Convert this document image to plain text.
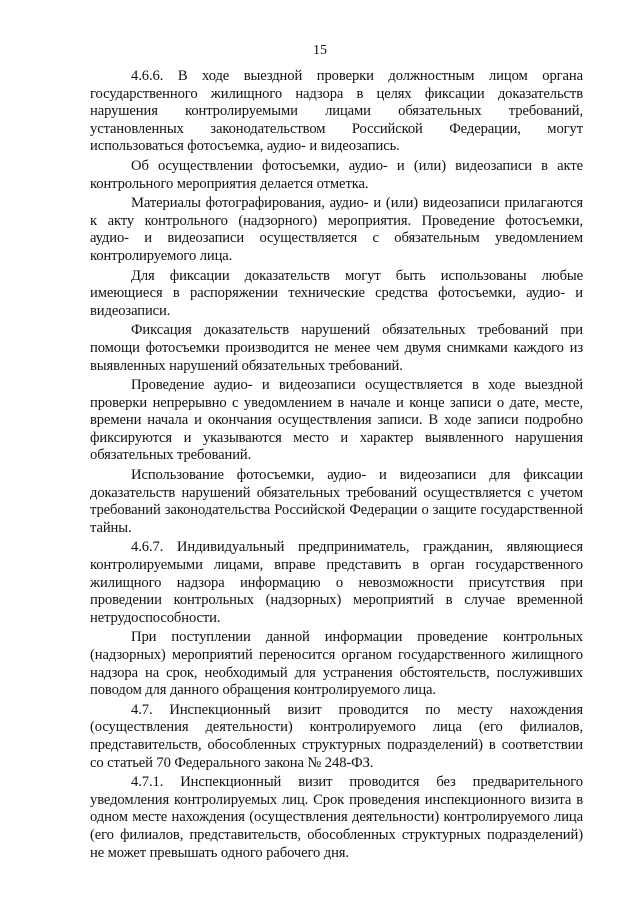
15

4.6.6. В ходе выездной проверки должностным лицом органа государственного жилищного надзора в целях фиксации доказательств нарушения контролируемыми лицами обязательных требований, установленных законодательством Российской Федерации, могут использоваться фотосъемка, аудио- и видеозапись.

Об осуществлении фотосъемки, аудио- и (или) видеозаписи в акте контрольного мероприятия делается отметка.

Материалы фотографирования, аудио- и (или) видеозаписи прилагаются к акту контрольного (надзорного) мероприятия. Проведение фотосъемки, аудио- и видеозаписи осуществляется с обязательным уведомлением контролируемого лица.

Для фиксации доказательств могут быть использованы любые имеющиеся в распоряжении технические средства фотосъемки, аудио- и видеозаписи.

Фиксация доказательств нарушений обязательных требований при помощи фотосъемки производится не менее чем двумя снимками каждого из выявленных нарушений обязательных требований.

Проведение аудио- и видеозаписи осуществляется в ходе выездной проверки непрерывно с уведомлением в начале и конце записи о дате, месте, времени начала и окончания осуществления записи. В ходе записи подробно фиксируются и указываются место и характер выявленного нарушения обязательных требований.

Использование фотосъемки, аудио- и видеозаписи для фиксации доказательств нарушений обязательных требований осуществляется с учетом требований законодательства Российской Федерации о защите государственной тайны.

4.6.7. Индивидуальный предприниматель, гражданин, являющиеся контролируемыми лицами, вправе представить в орган государственного жилищного надзора информацию о невозможности присутствия при проведении контрольных (надзорных) мероприятий в случае временной нетрудоспособности.

При поступлении данной информации проведение контрольных (надзорных) мероприятий переносится органом государственного жилищного надзора на срок, необходимый для устранения обстоятельств, послуживших поводом для данного обращения контролируемого лица.

4.7. Инспекционный визит проводится по месту нахождения (осуществления деятельности) контролируемого лица (его филиалов, представительств, обособленных структурных подразделений) в соответствии со статьей 70 Федерального закона № 248-ФЗ.

4.7.1. Инспекционный визит проводится без предварительного уведомления контролируемых лиц. Срок проведения инспекционного визита в одном месте нахождения (осуществления деятельности) контролируемого лица (его филиалов, представительств, обособленных структурных подразделений) не может превышать одного рабочего дня.
